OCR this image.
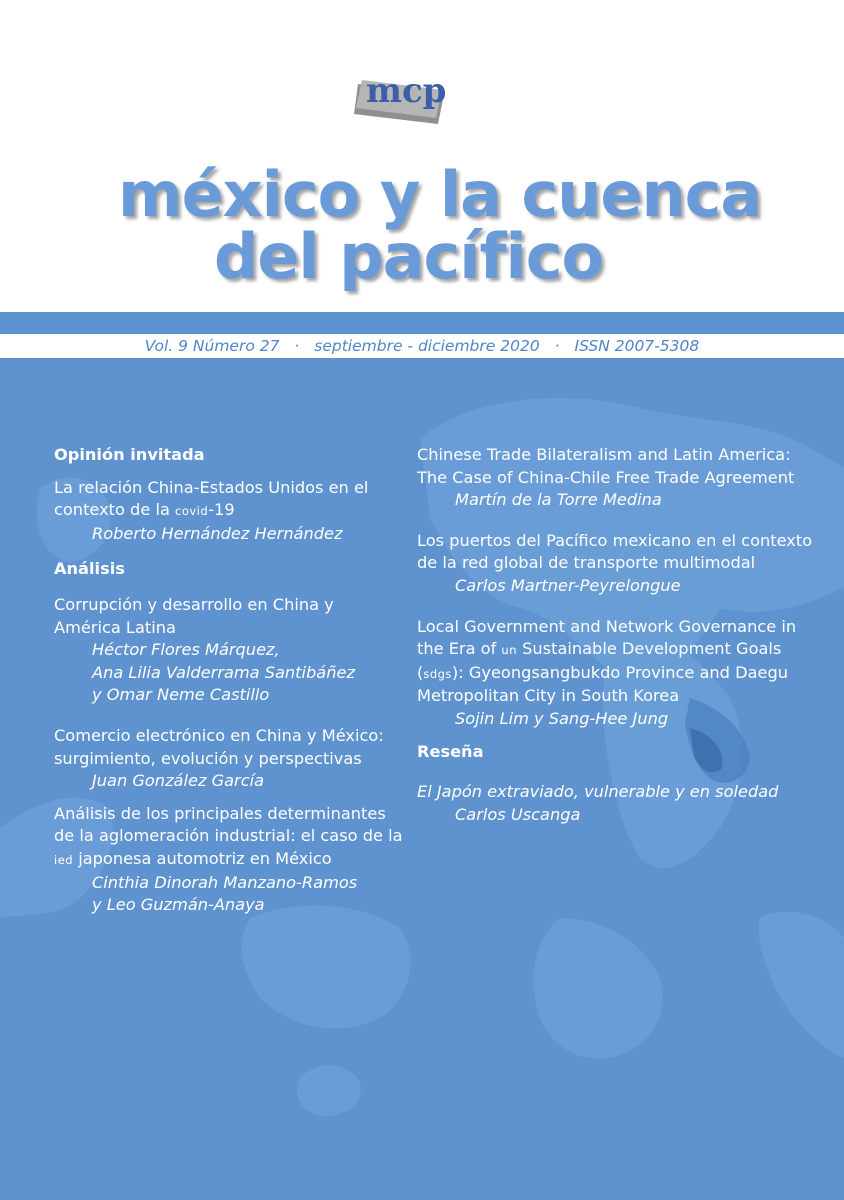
mcp
méxico y la cuenca
del pacífico
Vol. 9 Número 27 · septiembre - diciembre 2020 · ISSN 2007-5308

Opinión invitada

La relación China-Estados Unidos en el contexto de la covid-19
Roberto Hernández Hernández

Análisis

Corrupción y desarrollo en China y América Latina
Héctor Flores Márquez,
Ana Lilia Valderrama Santibáñez
y Omar Neme Castillo
Comercio electrónico en China y México: surgimiento, evolución y perspectivas
Juan González García
Análisis de los principales determinantes de la aglomeración industrial: el caso de la ied japonesa automotriz en México
Cinthia Dinorah Manzano-Ramos
y Leo Guzmán-Anaya
Chinese Trade Bilateralism and Latin America: The Case of China-Chile Free Trade Agreement
Martín de la Torre Medina
Los puertos del Pacífico mexicano en el contexto de la red global de transporte multimodal
Carlos Martner-Peyrelongue
Local Government and Network Governance in the Era of un Sustainable Development Goals (sdgs): Gyeongsangbukdo Province and Daegu Metropolitan City in South Korea
Sojin Lim y Sang-Hee Jung

Reseña

El Japón extraviado, vulnerable y en soledad
Carlos Uscanga
